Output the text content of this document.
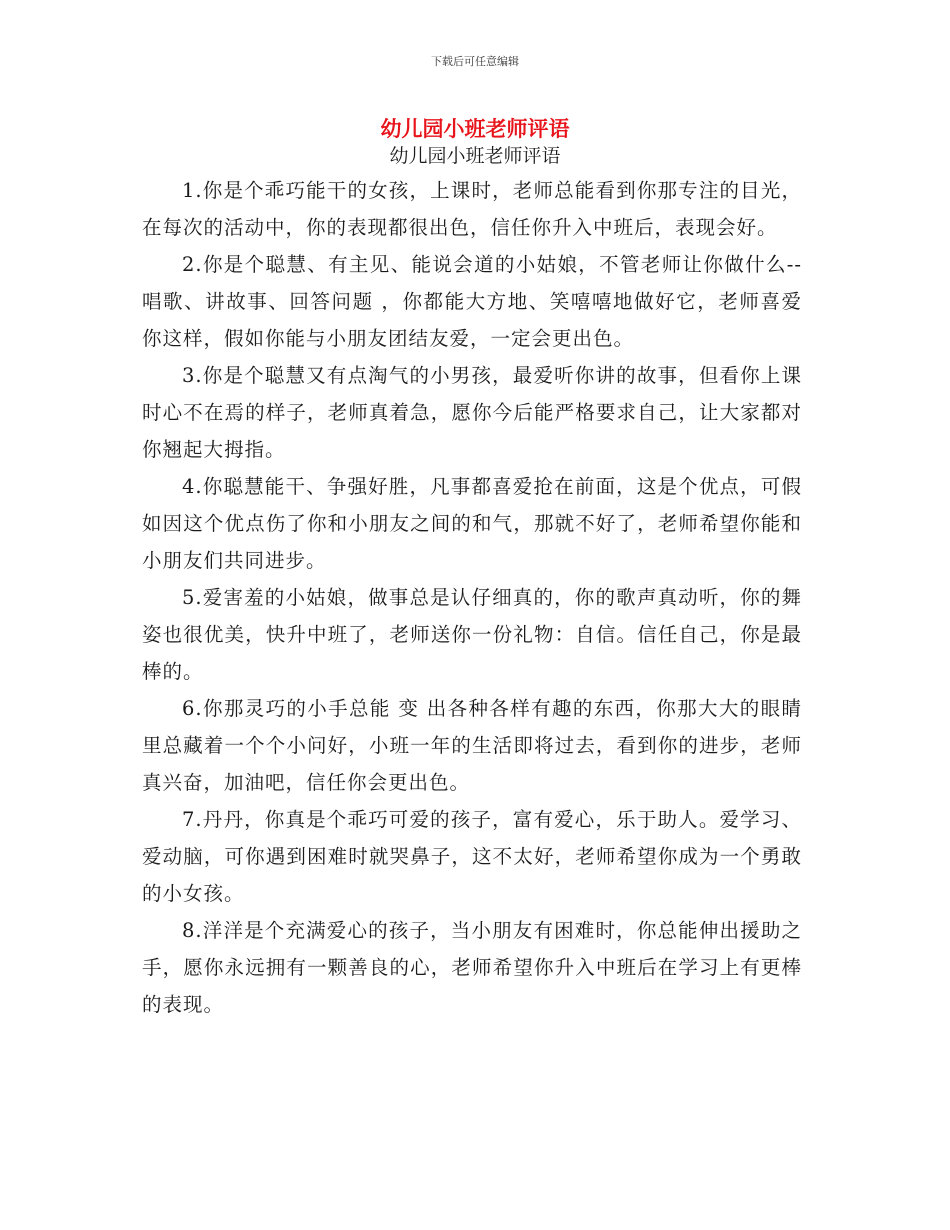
下载后可任意编辑
幼儿园小班老师评语
幼儿园小班老师评语

1.你是个乖巧能干的女孩，上课时，老师总能看到你那专注的目光，在每次的活动中，你的表现都很出色，信任你升入中班后，表现会好。

2.你是个聪慧、有主见、能说会道的小姑娘，不管老师让你做什么--唱歌、讲故事、回答问题 ，你都能大方地、笑嘻嘻地做好它，老师喜爱你这样，假如你能与小朋友团结友爱，一定会更出色。

3.你是个聪慧又有点淘气的小男孩，最爱听你讲的故事，但看你上课时心不在焉的样子，老师真着急，愿你今后能严格要求自己，让大家都对你翘起大拇指。

4.你聪慧能干、争强好胜，凡事都喜爱抢在前面，这是个优点，可假如因这个优点伤了你和小朋友之间的和气，那就不好了，老师希望你能和小朋友们共同进步。

5.爱害羞的小姑娘，做事总是认仔细真的，你的歌声真动听，你的舞姿也很优美，快升中班了，老师送你一份礼物：自信。信任自己，你是最棒的。

6.你那灵巧的小手总能 变 出各种各样有趣的东西，你那大大的眼睛里总藏着一个个小问好，小班一年的生活即将过去，看到你的进步，老师真兴奋，加油吧，信任你会更出色。

7.丹丹，你真是个乖巧可爱的孩子，富有爱心，乐于助人。爱学习、爱动脑，可你遇到困难时就哭鼻子，这不太好，老师希望你成为一个勇敢的小女孩。

8.洋洋是个充满爱心的孩子，当小朋友有困难时，你总能伸出援助之手，愿你永远拥有一颗善良的心，老师希望你升入中班后在学习上有更棒的表现。
